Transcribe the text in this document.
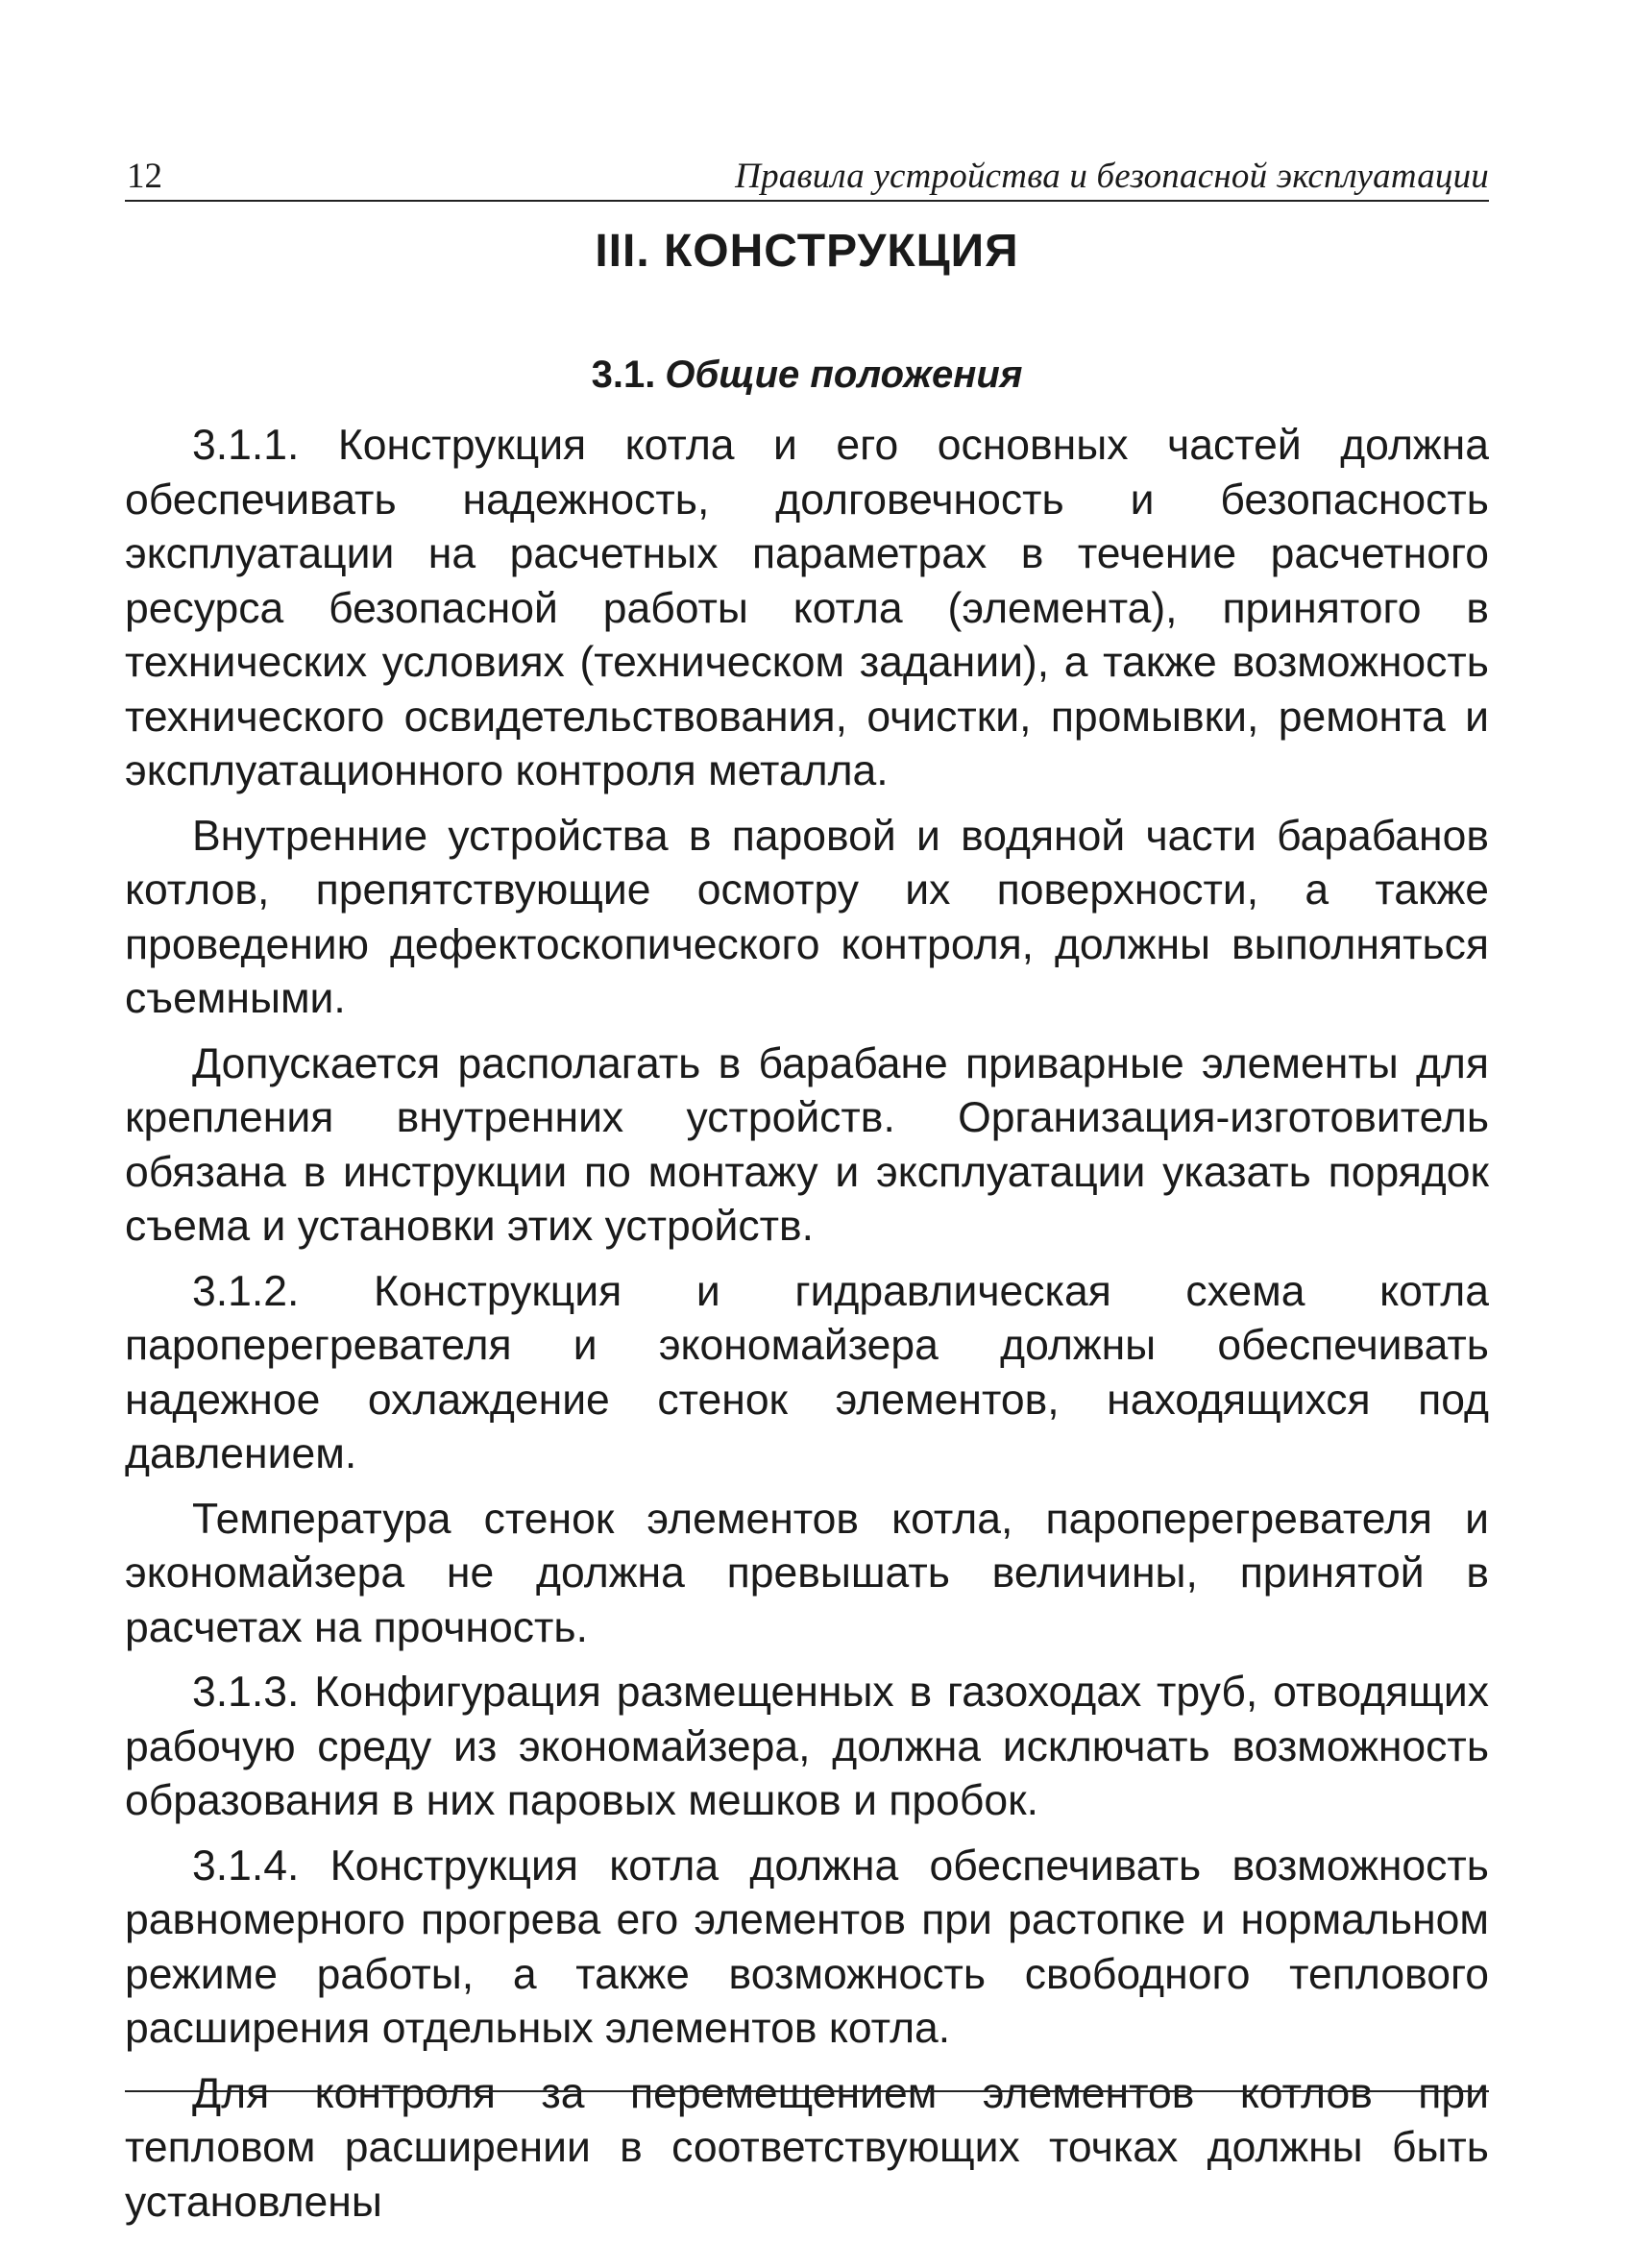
12	Правила устройства и безопасной эксплуатации
III. КОНСТРУКЦИЯ
3.1. Общие положения

3.1.1. Конструкция котла и его основных частей должна обеспечивать надежность, долговечность и безопасность эксплуатации на расчетных параметрах в течение расчетного ресурса безопасной работы котла (элемента), принятого в технических условиях (техническом задании), а также возможность технического освидетельствования, очистки, промывки, ремонта и эксплуатационного контроля металла.

Внутренние устройства в паровой и водяной части барабанов котлов, препятствующие осмотру их поверхности, а также проведению дефектоскопического контроля, должны выполняться съемными.

Допускается располагать в барабане приварные элементы для крепления внутренних устройств. Организация-изготовитель обязана в инструкции по монтажу и эксплуатации указать порядок съема и установки этих устройств.

3.1.2. Конструкция и гидравлическая схема котла пароперегревателя и экономайзера должны обеспечивать надежное охлаждение стенок элементов, находящихся под давлением.

Температура стенок элементов котла, пароперегревателя и экономайзера не должна превышать величины, принятой в расчетах на прочность.

3.1.3. Конфигурация размещенных в газоходах труб, отводящих рабочую среду из экономайзера, должна исключать возможность образования в них паровых мешков и пробок.

3.1.4. Конструкция котла должна обеспечивать возможность равномерного прогрева его элементов при растопке и нормальном режиме работы, а также возможность свободного теплового расширения отдельных элементов котла.

Для контроля за перемещением элементов котлов при тепловом расширении в соответствующих точках должны быть установлены
